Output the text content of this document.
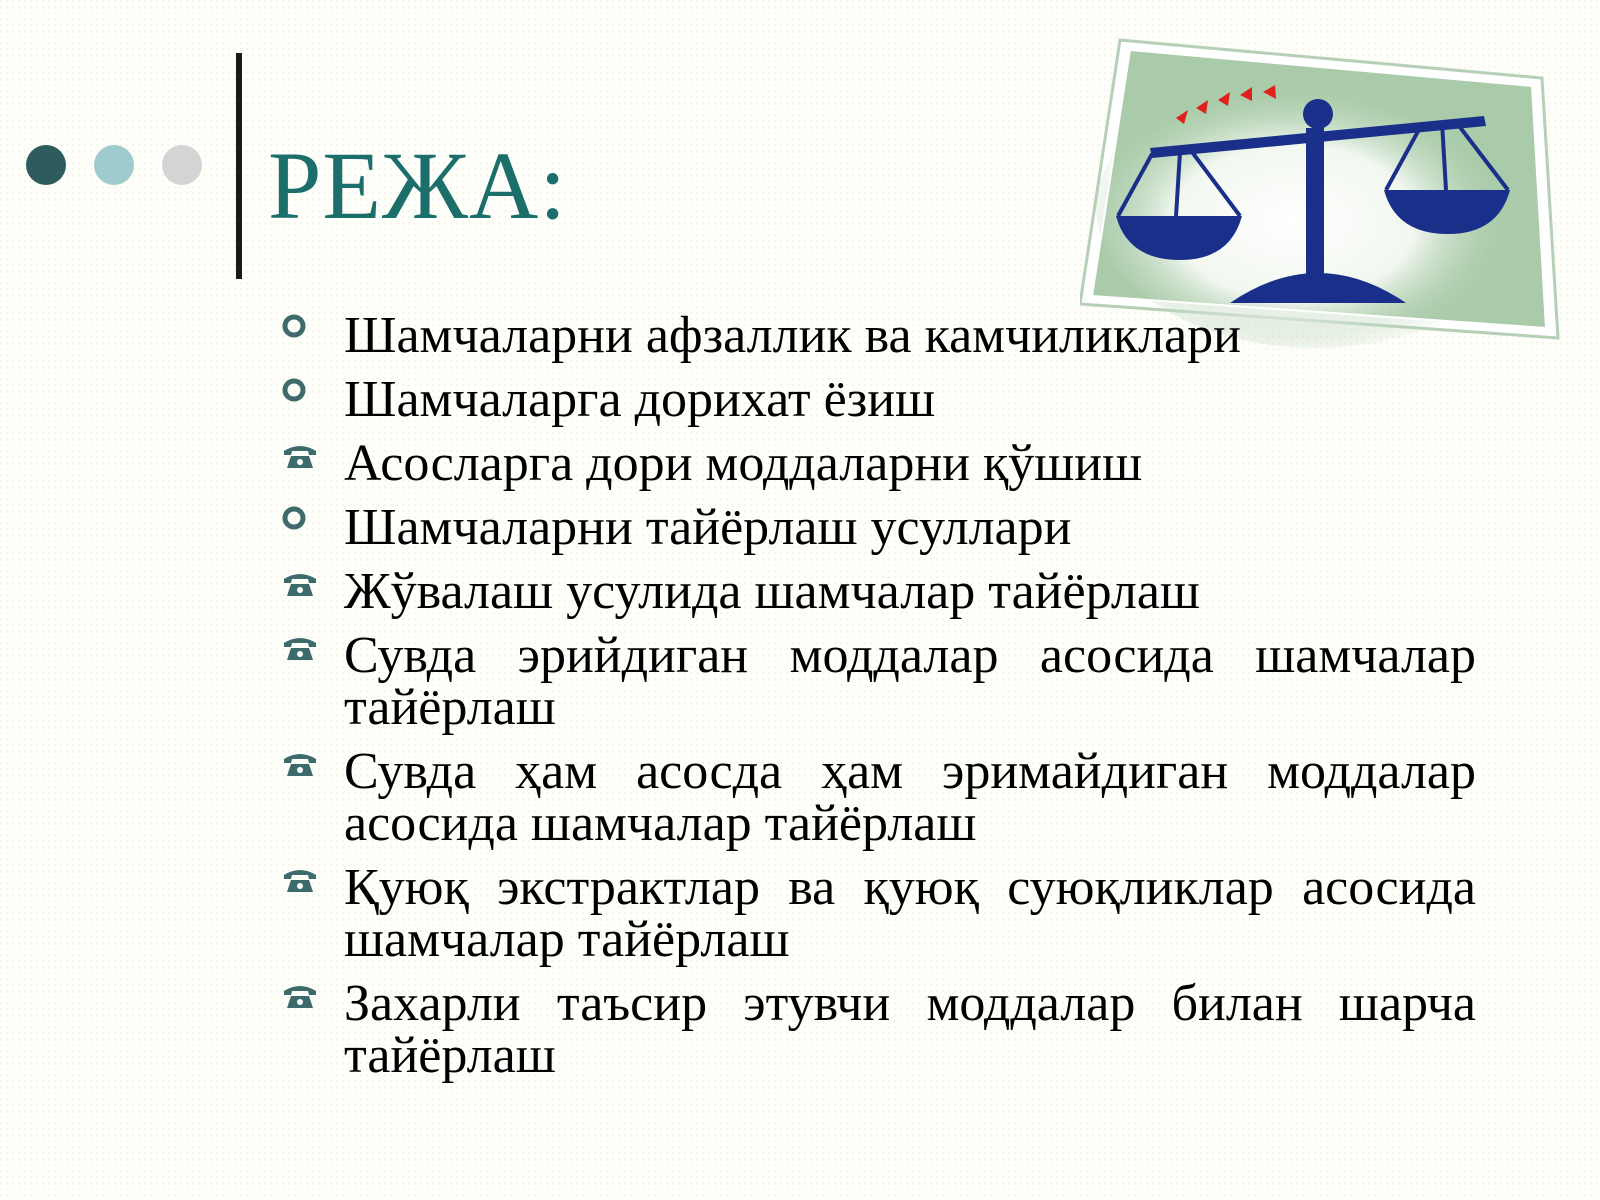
РЕЖА:
Шамчаларни афзаллик ва камчиликлари
Шамчаларга дорихат ёзиш
Асосларга дори моддаларни қўшиш
Шамчаларни тайёрлаш усуллари
Жўвалаш усулида шамчалар тайёрлаш
Сувда эрийдиган моддалар асосида шамчалар тайёрлаш
Сувда ҳам асосда ҳам эримайдиган моддалар асосида шамчалар тайёрлаш
Қуюқ экстрактлар ва қуюқ суюқликлар асосида шамчалар тайёрлаш
Захарли таъсир этувчи моддалар билан шарча тайёрлаш
